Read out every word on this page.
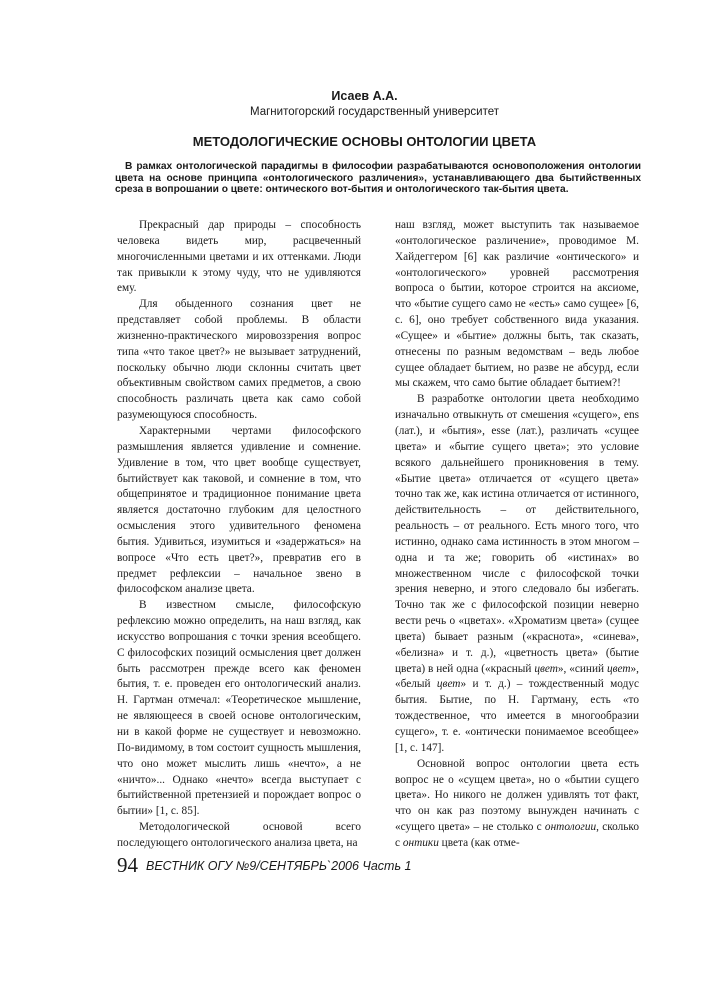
Исаев А.А.
Магнитогорский государственный университет
МЕТОДОЛОГИЧЕСКИЕ ОСНОВЫ ОНТОЛОГИИ ЦВЕТА
В рамках онтологической парадигмы в философии разрабатываются основоположения онтологии цвета на основе принципа «онтологического различения», устанавливающего два бытийственных среза в вопрошании о цвете: онтического вот-бытия и онтологического так-бытия цвета.

Прекрасный дар природы – способность человека видеть мир, расцвеченный многочисленными цветами и их оттенками. Люди так привыкли к этому чуду, что не удивляются ему.

Для обыденного сознания цвет не представляет собой проблемы. В области жизненно-практического мировоззрения вопрос типа «что такое цвет?» не вызывает затруднений, поскольку обычно люди склонны считать цвет объективным свойством самих предметов, а свою способность различать цвета как само собой разумеющуюся способность.

Характерными чертами философского размышления является удивление и сомнение. Удивление в том, что цвет вообще существует, бытийствует как таковой, и сомнение в том, что общепринятое и традиционное понимание цвета является достаточно глубоким для целостного осмысления этого удивительного феномена бытия. Удивиться, изумиться и «задержаться» на вопросе «Что есть цвет?», превратив его в предмет рефлексии – начальное звено в философском анализе цвета.

В известном смысле, философскую рефлексию можно определить, на наш взгляд, как искусство вопрошания с точки зрения всеобщего. С философских позиций осмысления цвет должен быть рассмотрен прежде всего как феномен бытия, т. е. проведен его онтологический анализ. Н. Гартман отмечал: «Теоретическое мышление, не являющееся в своей основе онтологическим, ни в какой форме не существует и невозможно. По-видимому, в том состоит сущность мышления, что оно может мыслить лишь «нечто», а не «ничто»... Однако «нечто» всегда выступает с бытийственной претензией и порождает вопрос о бытии» [1, с. 85].

Методологической основой всего последующего онтологического анализа цвета, на

наш взгляд, может выступить так называемое «онтологическое различение», проводимое М. Хайдеггером [6] как различие «онтического» и «онтологического» уровней рассмотрения вопроса о бытии, которое строится на аксиоме, что «бытие сущего само не «есть» само сущее» [6, с. 6], оно требует собственного вида указания. «Сущее» и «бытие» должны быть, так сказать, отнесены по разным ведомствам – ведь любое сущее обладает бытием, но разве не абсурд, если мы скажем, что само бытие обладает бытием?!

В разработке онтологии цвета необходимо изначально отвыкнуть от смешения «сущего», ens (лат.), и «бытия», esse (лат.), различать «сущее цвета» и «бытие сущего цвета»; это условие всякого дальнейшего проникновения в тему. «Бытие цвета» отличается от «сущего цвета» точно так же, как истина отличается от истинного, действительность – от действительного, реальность – от реального. Есть много того, что истинно, однако сама истинность в этом многом – одна и та же; говорить об «истинах» во множественном числе с философской точки зрения неверно, и этого следовало бы избегать. Точно так же с философской позиции неверно вести речь о «цветах». «Хроматизм цвета» (сущее цвета) бывает разным («краснота», «синева», «белизна» и т. д.), «цветность цвета» (бытие цвета) в ней одна («красный цвет», «синий цвет», «белый цвет» и т. д.) – тождественный модус бытия. Бытие, по Н. Гартману, есть «то тождественное, что имеется в многообразии сущего», т. е. «онтически понимаемое всеобщее» [1, с. 147].

Основной вопрос онтологии цвета есть вопрос не о «сущем цвета», но о «бытии сущего цвета». Но никого не должен удивлять тот факт, что он как раз поэтому вынужден начинать с «сущего цвета» – не столько с онтологии, сколько с онтики цвета (как отме-

94 ВЕСТНИК ОГУ №9/СЕНТЯБРЬ`2006 Часть 1
